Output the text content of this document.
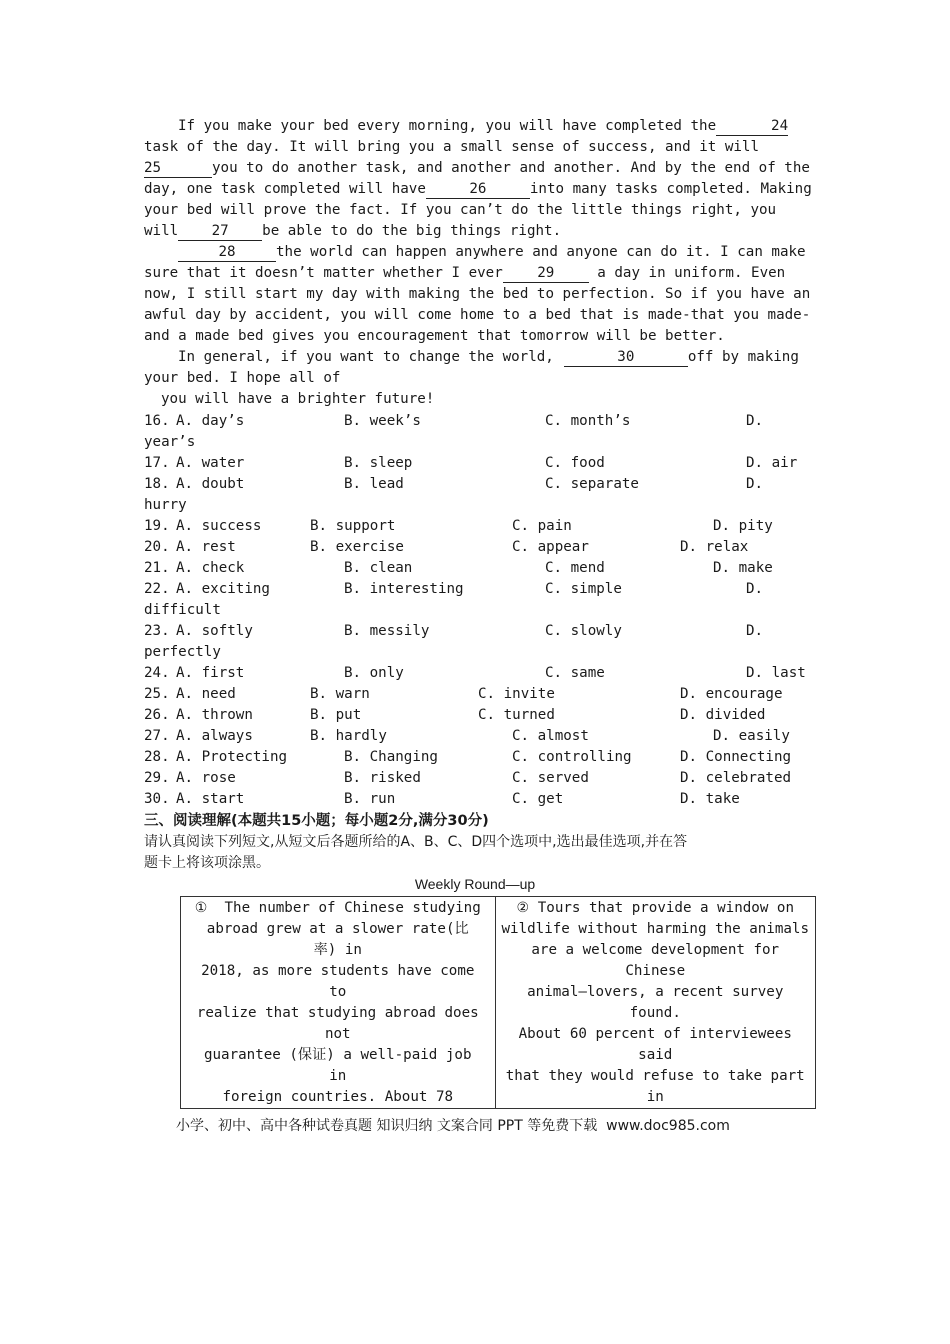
If you make your bed every morning, you will have completed the	24
task of the day. It will bring you a small sense of success, and it will
25	you to do another task, and another and another. And by the end of the
day, one task completed will have	26	into many tasks completed. Making
your bed will prove the fact. If you can’t do the little things right, you
will 27 be able to do the big things right.
28	the world can happen anywhere and anyone can do it. I can make
sure that it doesn’t matter whether I ever 29 a day in uniform. Even
now, I still start my day with making the bed to perfection. So if you have an
awful day by accident, you will come home to a bed that is made-that you made-
and a made bed gives you encouragement that tomorrow will be better.
In general, if you want to change the world,	30	off by making
your bed. I hope all of
you will have a brighter future!
16. A. day’s	B. week’s	C. month’s	D.
year’s
17. A. water	B. sleep	C. food	D. air
18. A. doubt	B. lead	C. separate	D.
hurry
19. A. success	B. support	C. pain	D. pity
20. A. rest	B. exercise	C. appear	D. relax
21. A. check	B. clean	C. mend	D. make
22. A. exciting	B. interesting	C. simple	D.
difficult
23. A. softly	B. messily	C. slowly	D.
perfectly
24. A. first	B. only	C. same	D. last
25. A. need	B. warn	C. invite	D. encourage
26. A. thrown	B. put	C. turned	D. divided
27. A. always	B. hardly	C. almost	D. easily
28. A. Protecting	B. Changing	C. controlling	D. Connecting
29. A. rose	B. risked	C. served	D. celebrated
30. A. start	B. run	C. get	D. take
三、阅读理解(本题共15小题；每小题2分,满分30分)
请认真阅读下列短文,从短文后各题所给的A、B、C、D四个选项中,选出最佳选项,并在答
题卡上将该项涂黑。
Weekly Round—up
①  The number of Chinese studying
abroad grew at a slower rate(比
率) in
2018, as more students have come
to
realize that studying abroad does
not
guarantee (保证) a well-paid job
in
foreign countries. About 78

② Tours that provide a window on
wildlife without harming the animals
are a welcome development for
Chinese
animal—lovers, a recent survey
found.
About 60 percent of interviewees
said
that they would refuse to take part
in
小学、初中、高中各种试卷真题 知识归纳 文案合同 PPT 等免费下载  www.doc985.com
